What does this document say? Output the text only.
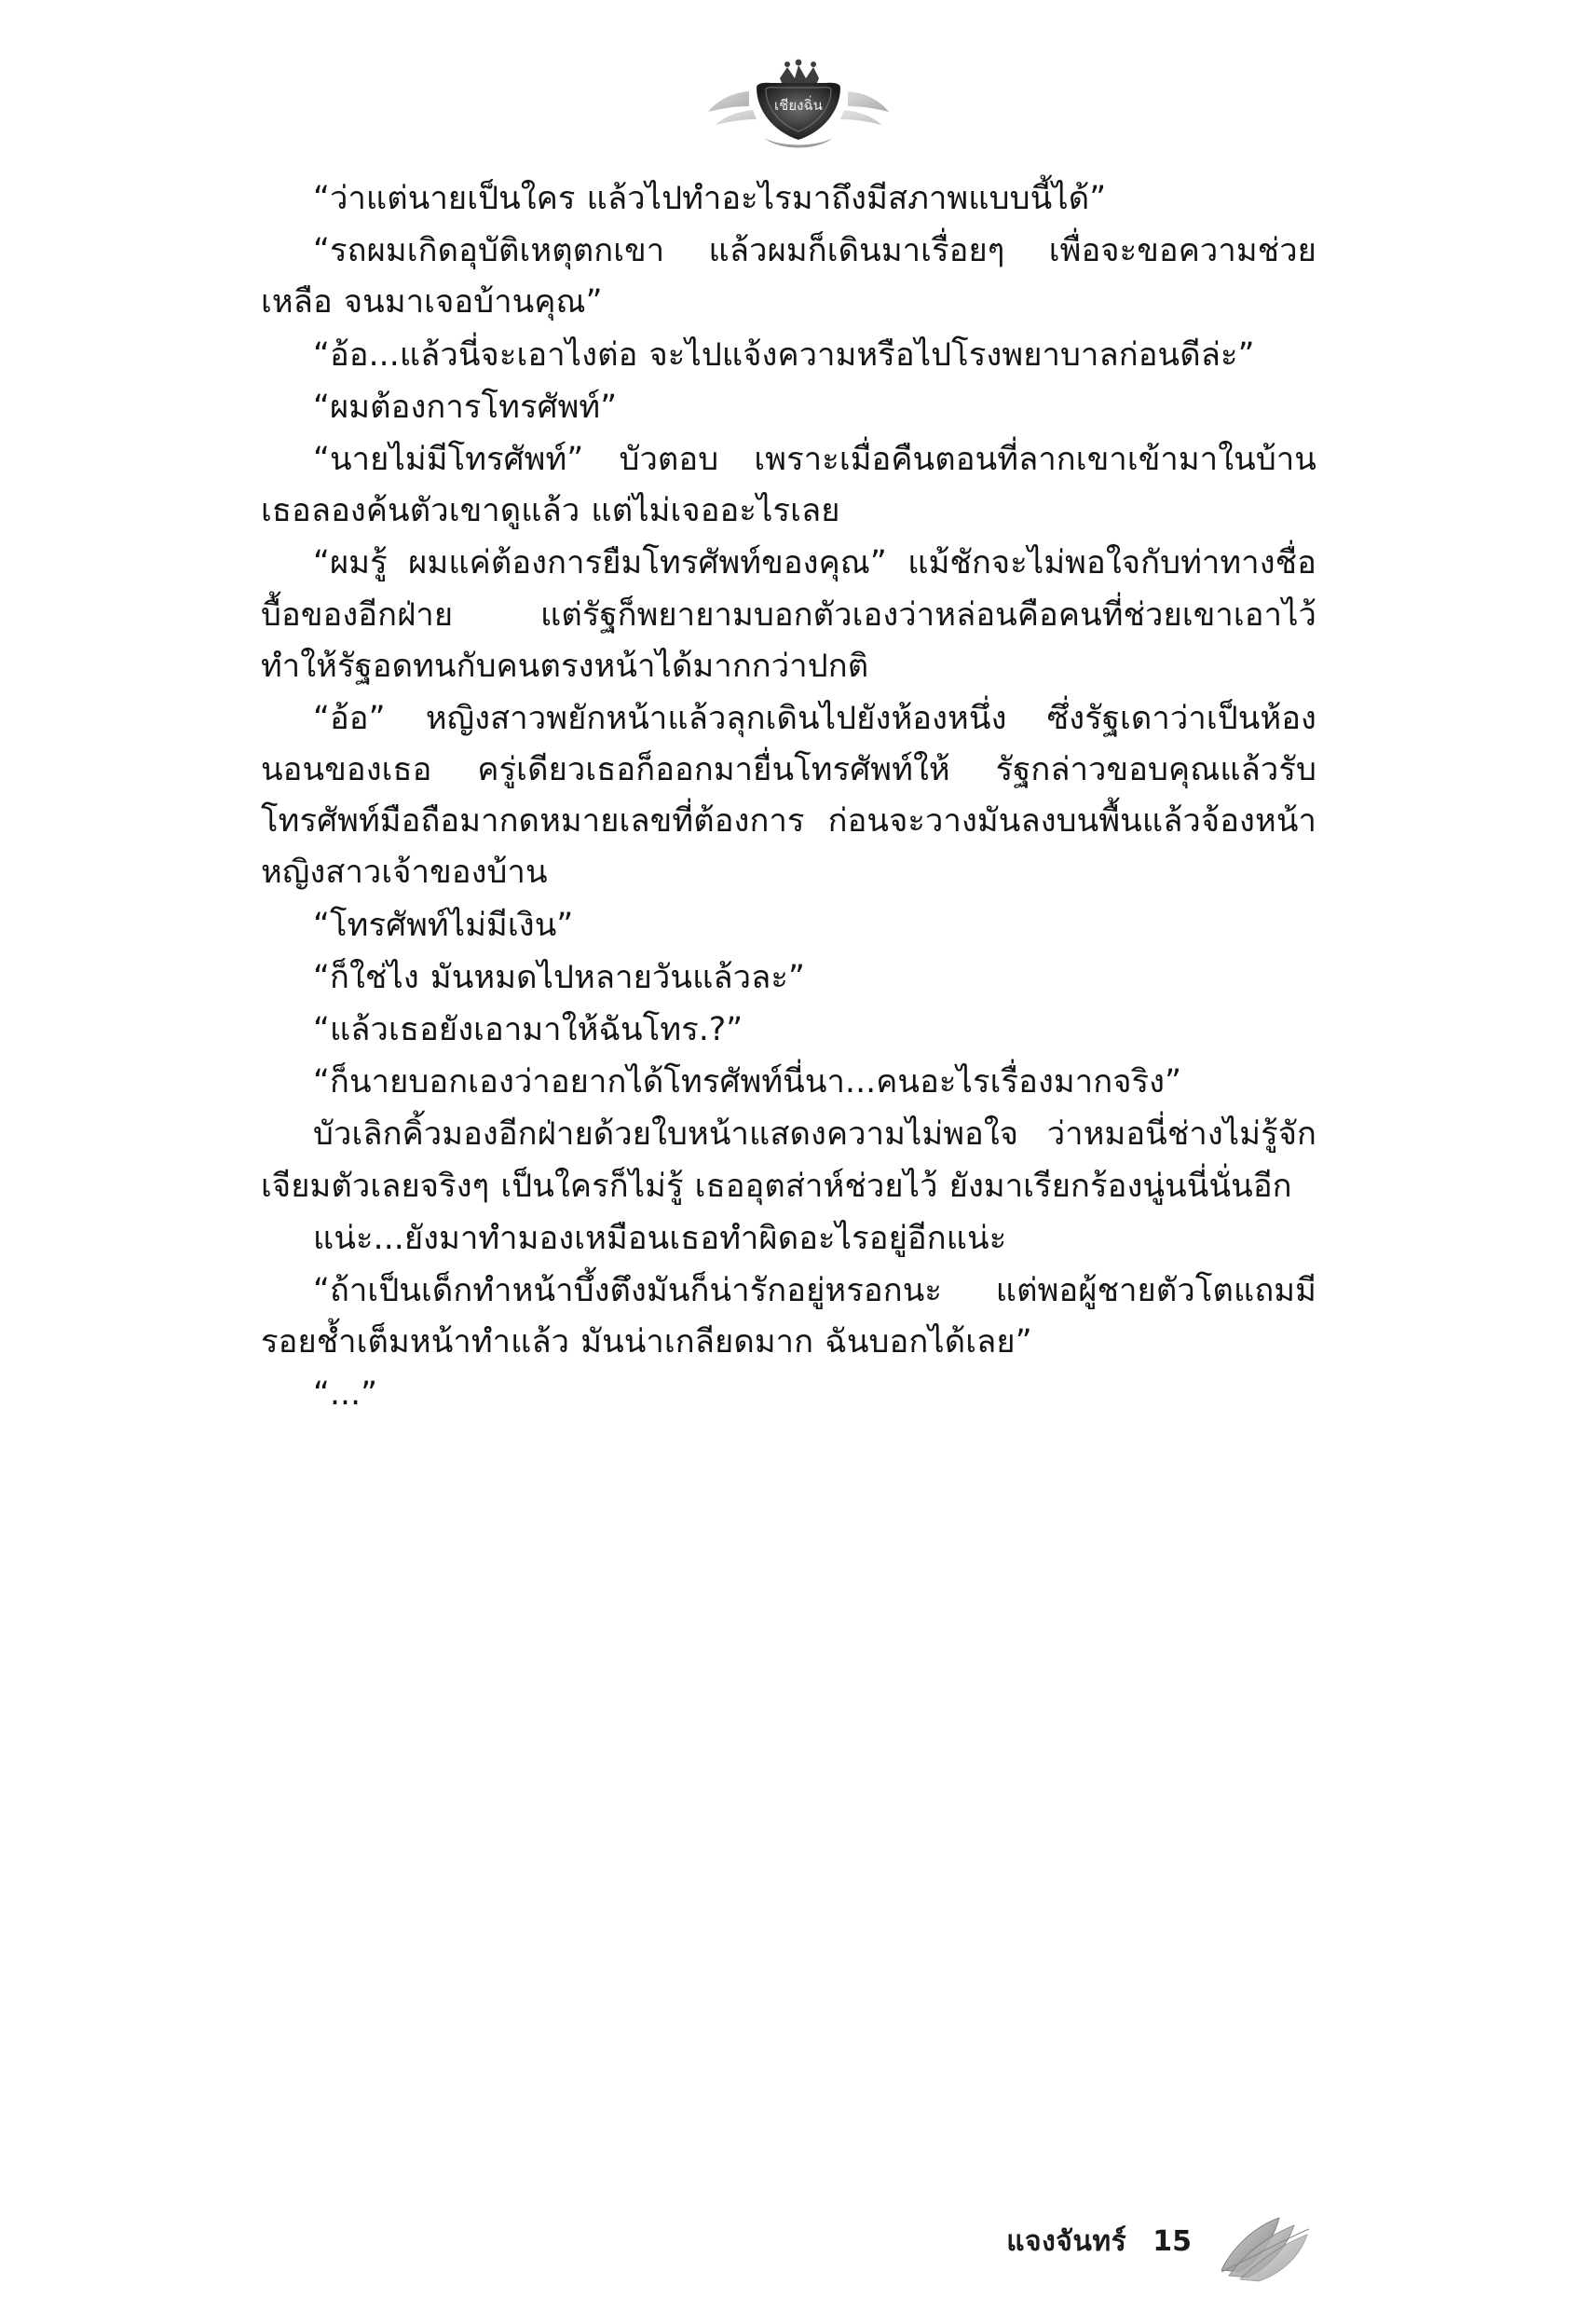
เชียงฉิ่น

“ว่าแต่นายเป็นใคร แล้วไปทำอะไรมาถึงมีสภาพแบบนี้ได้”

“รถผมเกิดอุบัติเหตุตกเขา แล้วผมก็เดินมาเรื่อยๆ เพื่อจะขอความช่วยเหลือ จนมาเจอบ้านคุณ”

“อ้อ...แล้วนี่จะเอาไงต่อ จะไปแจ้งความหรือไปโรงพยาบาลก่อนดีล่ะ”

“ผมต้องการโทรศัพท์”

“นายไม่มีโทรศัพท์” บัวตอบ เพราะเมื่อคืนตอนที่ลากเขาเข้ามาในบ้าน เธอลองค้นตัวเขาดูแล้ว แต่ไม่เจออะไรเลย

“ผมรู้ ผมแค่ต้องการยืมโทรศัพท์ของคุณ” แม้ชักจะไม่พอใจกับท่าทางชื่อบื้อของอีกฝ่าย แต่รัฐก็พยายามบอกตัวเองว่าหล่อนคือคนที่ช่วยเขาเอาไว้ ทำให้รัฐอดทนกับคนตรงหน้าได้มากกว่าปกติ

“อ้อ” หญิงสาวพยักหน้าแล้วลุกเดินไปยังห้องหนึ่ง ซึ่งรัฐเดาว่าเป็นห้องนอนของเธอ ครู่เดียวเธอก็ออกมายื่นโทรศัพท์ให้ รัฐกล่าวขอบคุณแล้วรับโทรศัพท์มือถือมากดหมายเลขที่ต้องการ ก่อนจะวางมันลงบนพื้นแล้วจ้องหน้าหญิงสาวเจ้าของบ้าน

“โทรศัพท์ไม่มีเงิน”

“ก็ใช่ไง มันหมดไปหลายวันแล้วละ”

“แล้วเธอยังเอามาให้ฉันโทร.?”

“ก็นายบอกเองว่าอยากได้โทรศัพท์นี่นา...คนอะไรเรื่องมากจริง”

บัวเลิกคิ้วมองอีกฝ่ายด้วยใบหน้าแสดงความไม่พอใจ ว่าหมอนี่ช่างไม่รู้จักเจียมตัวเลยจริงๆ เป็นใครก็ไม่รู้ เธออุตส่าห์ช่วยไว้ ยังมาเรียกร้องนู่นนี่นั่นอีก

แน่ะ...ยังมาทำมองเหมือนเธอทำผิดอะไรอยู่อีกแน่ะ

“ถ้าเป็นเด็กทำหน้าบึ้งตึงมันก็น่ารักอยู่หรอกนะ แต่พอผู้ชายตัวโตแถมมีรอยช้ำเต็มหน้าทำแล้ว มันน่าเกลียดมาก ฉันบอกได้เลย”

“...”

แจงจันทร์ 15
